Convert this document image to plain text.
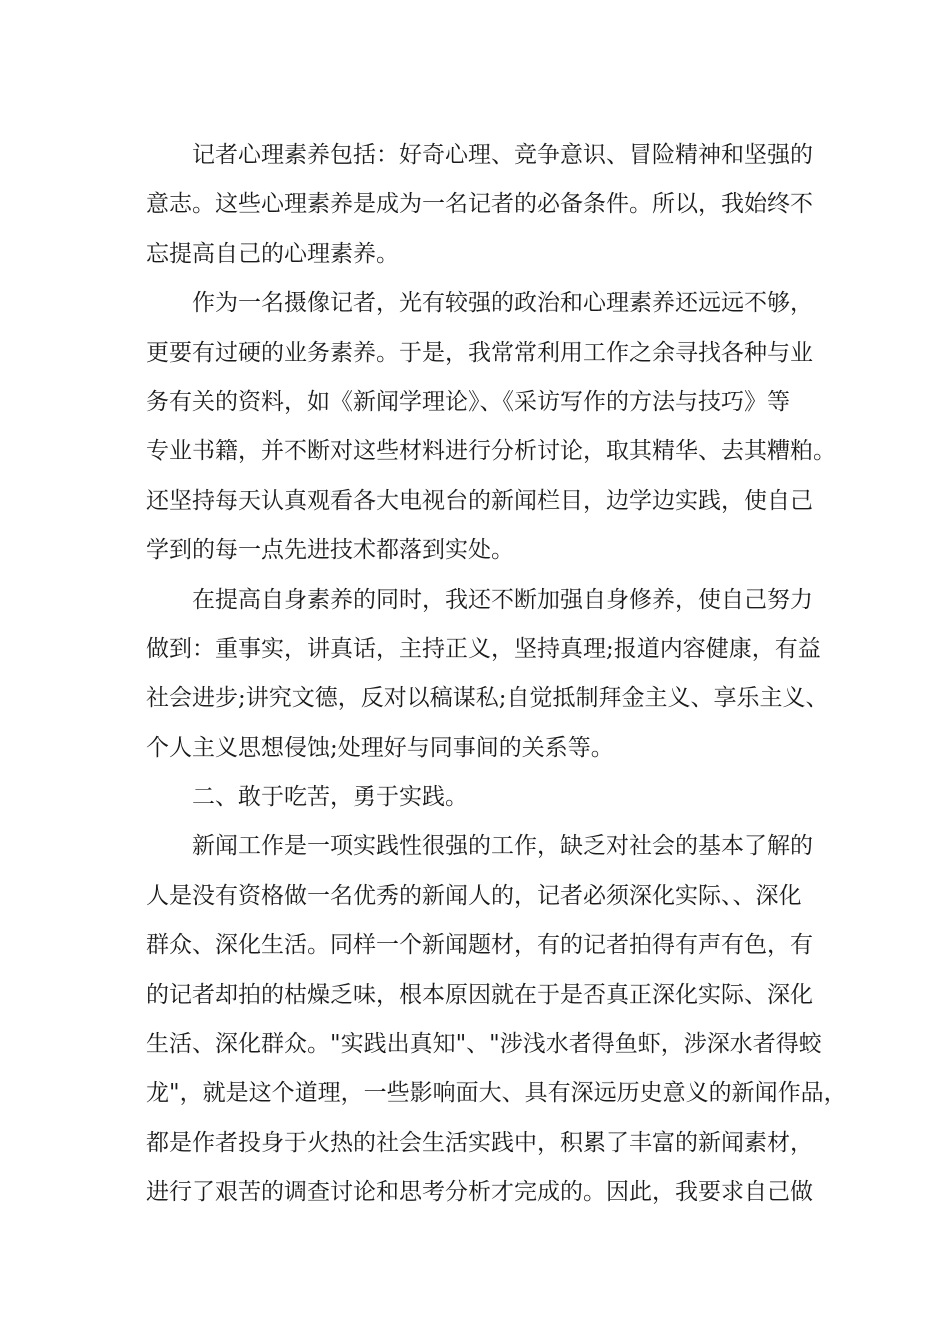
记者心理素养包括：好奇心理、竞争意识、冒险精神和坚强的
意志。这些心理素养是成为一名记者的必备条件。所以，我始终不
忘提高自己的心理素养。
作为一名摄像记者，光有较强的政治和心理素养还远远不够，
更要有过硬的业务素养。于是，我常常利用工作之余寻找各种与业
务有关的资料，如《新闻学理论》、《采访写作的方法与技巧》等
专业书籍，并不断对这些材料进行分析讨论，取其精华、去其糟粕。
还坚持每天认真观看各大电视台的新闻栏目，边学边实践，使自己
学到的每一点先进技术都落到实处。
在提高自身素养的同时，我还不断加强自身修养，使自己努力
做到：重事实，讲真话，主持正义，坚持真理;报道内容健康，有益
社会进步;讲究文德，反对以稿谋私;自觉抵制拜金主义、享乐主义、
个人主义思想侵蚀;处理好与同事间的关系等。
二、敢于吃苦，勇于实践。
新闻工作是一项实践性很强的工作，缺乏对社会的基本了解的
人是没有资格做一名优秀的新闻人的，记者必须深化实际、、深化
群众、深化生活。同样一个新闻题材，有的记者拍得有声有色，有
的记者却拍的枯燥乏味，根本原因就在于是否真正深化实际、深化
生活、深化群众。"实践出真知"、"涉浅水者得鱼虾，涉深水者得蛟
龙"，就是这个道理，一些影响面大、具有深远历史意义的新闻作品，
都是作者投身于火热的社会生活实践中，积累了丰富的新闻素材，
进行了艰苦的调查讨论和思考分析才完成的。因此，我要求自己做
